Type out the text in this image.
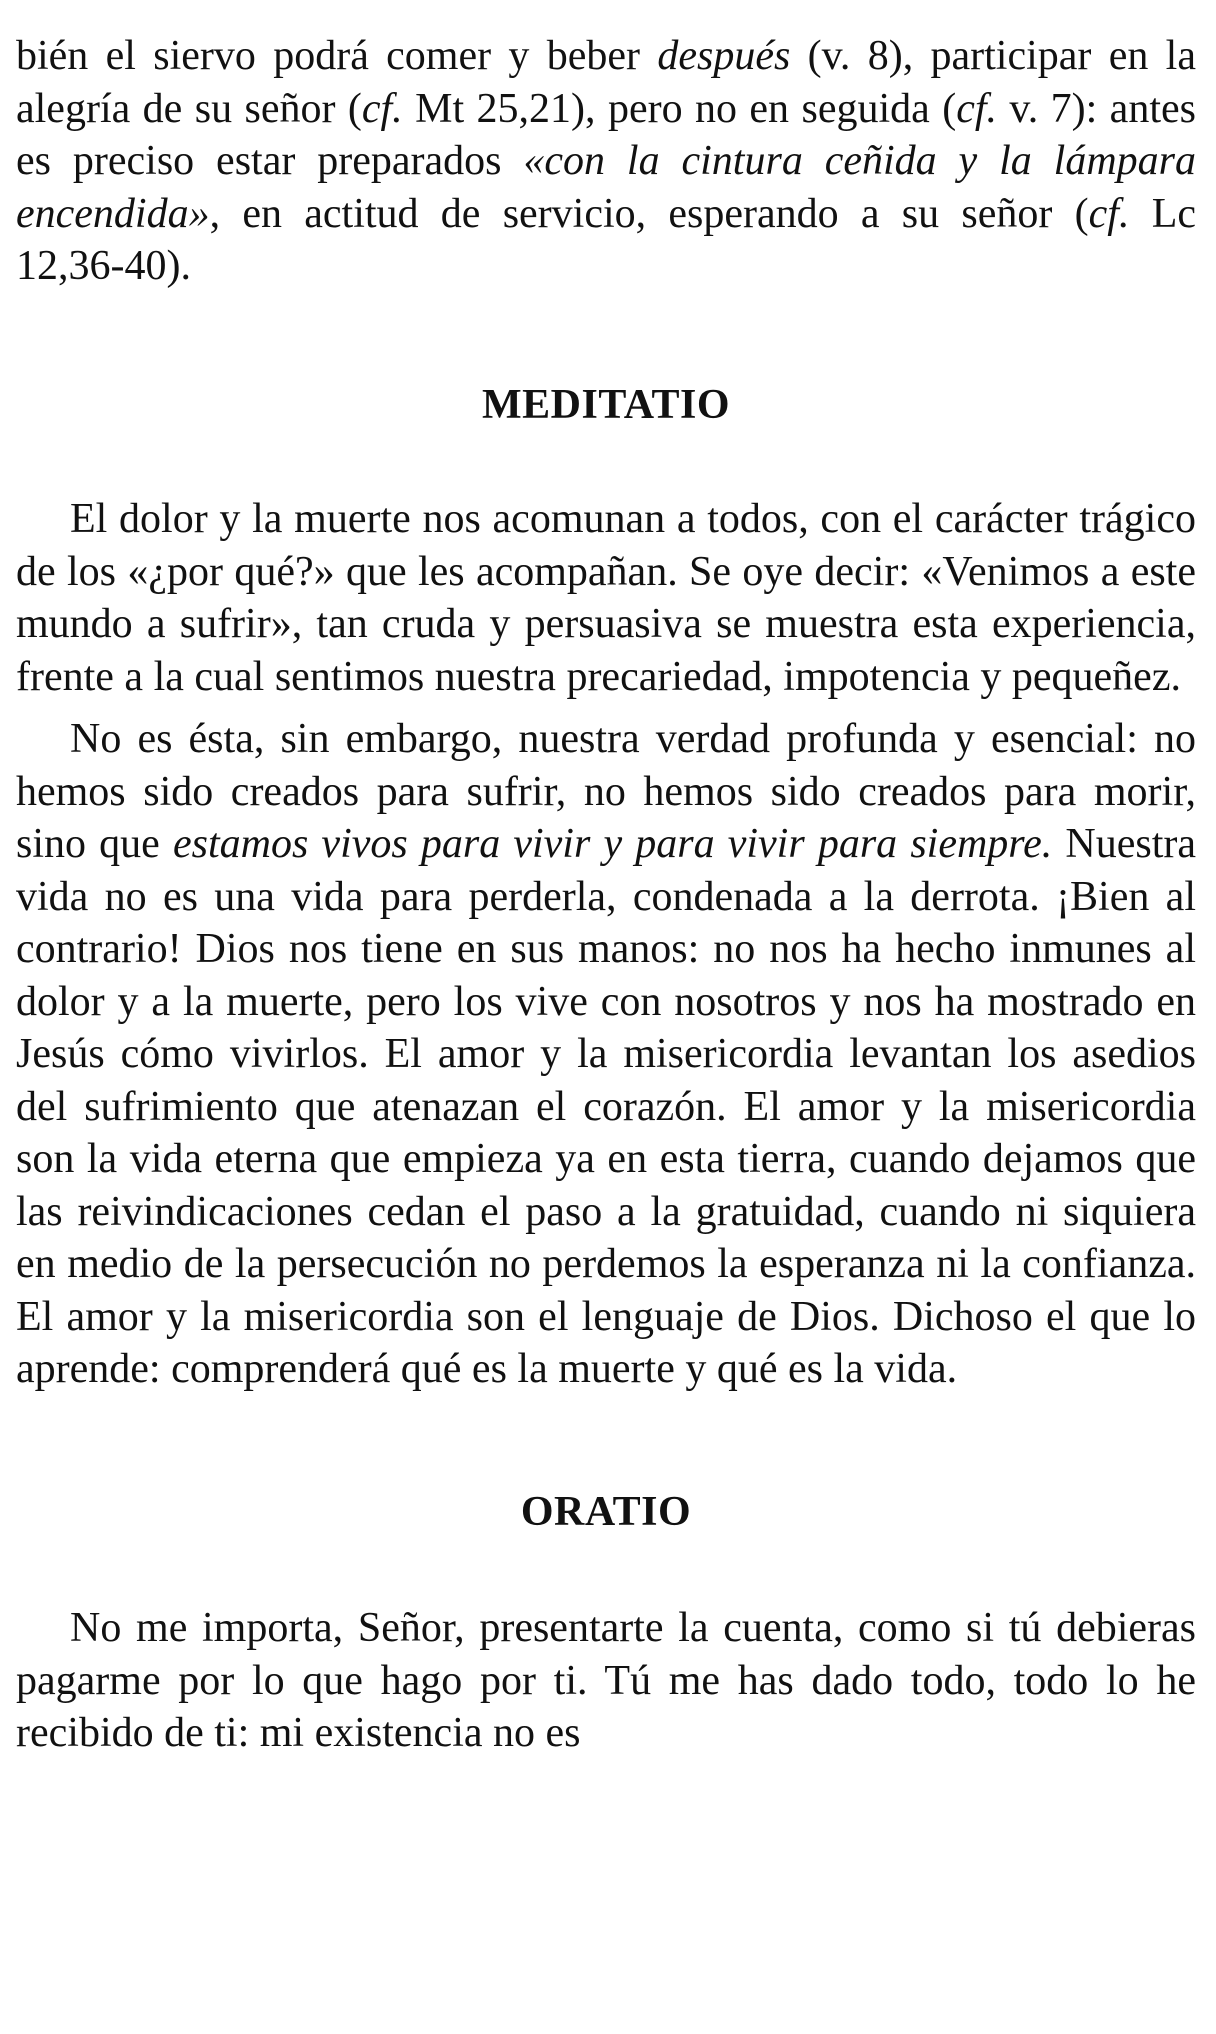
bién el siervo podrá comer y beber después (v. 8), participar en la alegría de su señor (cf. Mt 25,21), pero no en seguida (cf. v. 7): antes es preciso estar preparados «con la cintura ceñida y la lámpara encendida», en actitud de servicio, esperando a su señor (cf. Lc 12,36-40).

MEDITATIO

El dolor y la muerte nos acomunan a todos, con el carácter trágico de los «¿por qué?» que les acompañan. Se oye decir: «Venimos a este mundo a sufrir», tan cruda y persuasiva se muestra esta experiencia, frente a la cual sentimos nuestra precariedad, impotencia y pequeñez.

No es ésta, sin embargo, nuestra verdad profunda y esencial: no hemos sido creados para sufrir, no hemos sido creados para morir, sino que estamos vivos para vivir y para vivir para siempre. Nuestra vida no es una vida para perderla, condenada a la derrota. ¡Bien al contrario! Dios nos tiene en sus manos: no nos ha hecho inmunes al dolor y a la muerte, pero los vive con nosotros y nos ha mostrado en Jesús cómo vivirlos. El amor y la misericordia levantan los asedios del sufrimiento que atenazan el corazón. El amor y la misericordia son la vida eterna que empieza ya en esta tierra, cuando dejamos que las reivindicaciones cedan el paso a la gratuidad, cuando ni siquiera en medio de la persecución no perdemos la esperanza ni la confianza. El amor y la misericordia son el lenguaje de Dios. Dichoso el que lo aprende: comprenderá qué es la muerte y qué es la vida.

ORATIO

No me importa, Señor, presentarte la cuenta, como si tú debieras pagarme por lo que hago por ti. Tú me has dado todo, todo lo he recibido de ti: mi existencia no es
